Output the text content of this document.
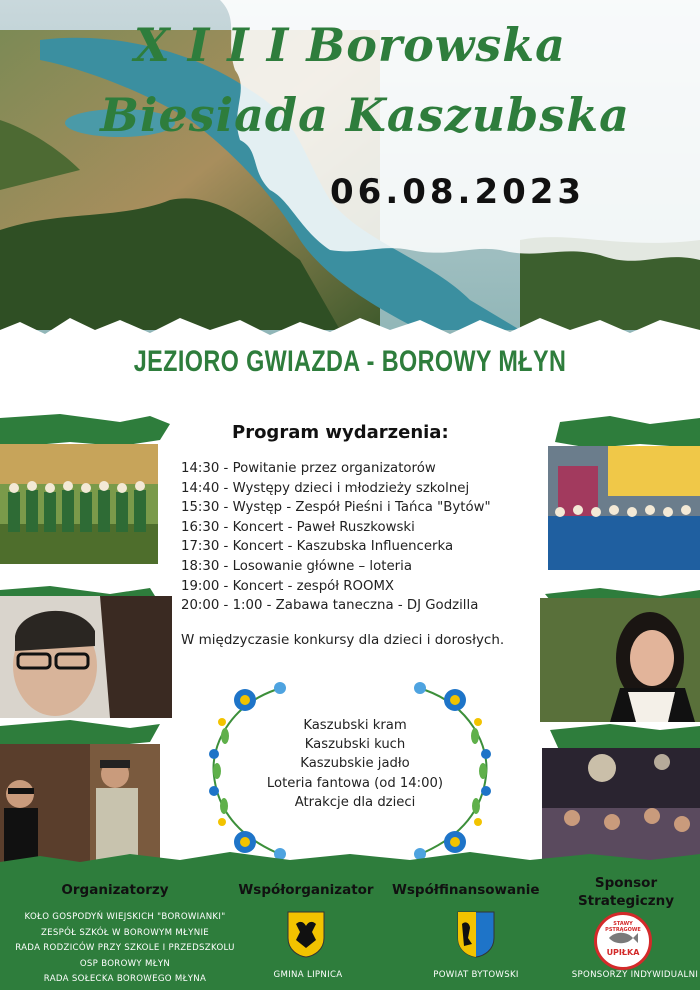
X I I I Borowska
Biesiada Kaszubska
06.08.2023
JEZIORO GWIAZDA - BOROWY MŁYN
Program wydarzenia:
14:30 - Powitanie przez organizatorów
14:40 - Występy dzieci i młodzieży szkolnej
15:30 - Występ - Zespół Pieśni i Tańca "Bytów"
16:30 - Koncert - Paweł Ruszkowski
17:30 - Koncert - Kaszubska Influencerka
18:30 - Losowanie główne – loteria
19:00 - Koncert - zespół ROOMX
20:00 - 1:00 - Zabawa taneczna - DJ Godzilla
W międzyczasie konkursy dla dzieci i dorosłych.
Kaszubski kram
Kaszubski kuch
Kaszubskie jadło
Loteria fantowa (od 14:00)
Atrakcje dla dzieci
Organizatorzy
KOŁO GOSPODYŃ WIEJSKICH "BOROWIANKI"
ZESPÓŁ SZKÓŁ W BOROWYM MŁYNIE
RADA RODZICÓW PRZY SZKOLE I PRZEDSZKOLU
OSP BOROWY MŁYN
RADA SOŁECKA BOROWEGO MŁYNA
Współorganizator
GMINA LIPNICA
Współfinansowanie
POWIAT BYTOWSKI
Sponsor
Strategiczny
STAWY PSTRĄGOWE
UPIŁKA
SPONSORZY INDYWIDUALNI
